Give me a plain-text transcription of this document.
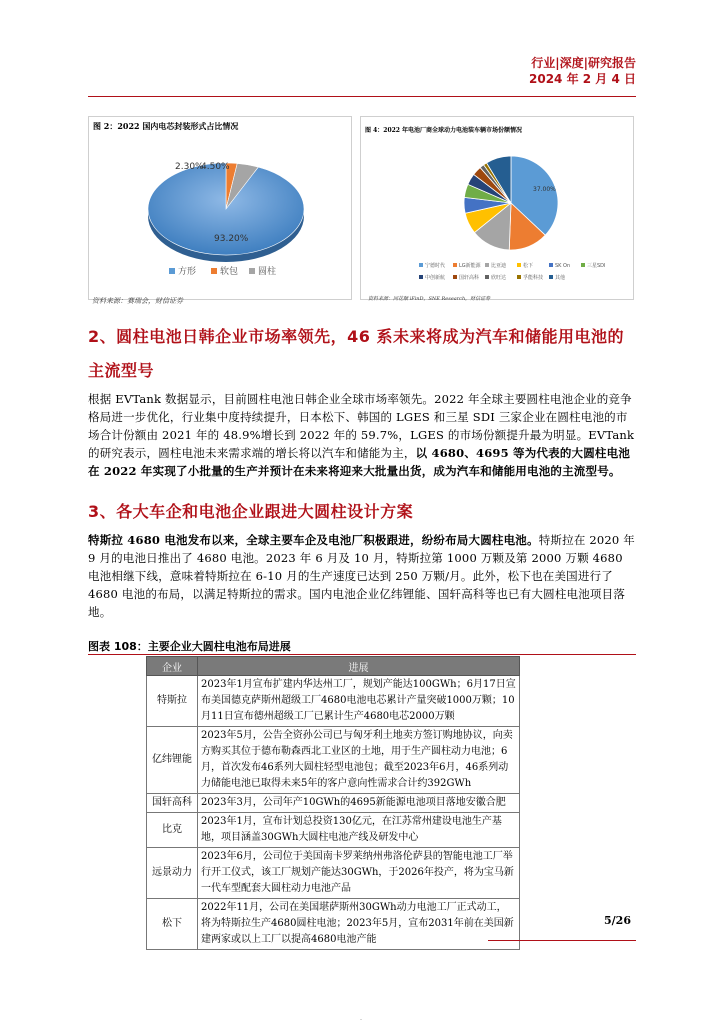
行业|深度|研究报告
2024 年 2 月 4 日
图 2：2022 国内电芯封装形式占比情况
93.20%
2.30%
4.50%
方形	软包 圆柱
资料来源：赛瑞会，财信证券
图 4：2022 年电池厂商全球动力电池装车辆市场份额情况
37.00%
宁德时代	LG新能源 比亚迪	松下	SK On	三星SDI
中创新航	国轩高科 欣旺达	孚能科技 其他
资料来源：同花顺 iFinD，SNE Research，财信证券
2、圆柱电池日韩企业市场率领先，46 系未来将成为汽车和储能用电池的
主流型号

根据 EVTank 数据显示，目前圆柱电池日韩企业全球市场率领先。2022 年全球主要圆柱电池企业的竞争格局进一步优化，行业集中度持续提升，日本松下、韩国的 LGES 和三星 SDI 三家企业在圆柱电池的市场合计份额由 2021 年的 48.9%增长到 2022 年的 59.7%，LGES 的市场份额提升最为明显。EVTank 的研究表示，圆柱电池未来需求端的增长将以汽车和储能为主，以 4680、4695 等为代表的大圆柱电池在 2022 年实现了小批量的生产并预计在未来将迎来大批量出货，成为汽车和储能用电池的主流型号。

3、各大车企和电池企业跟进大圆柱设计方案

特斯拉 4680 电池发布以来，全球主要车企及电池厂积极跟进，纷纷布局大圆柱电池。特斯拉在 2020 年 9 月的电池日推出了 4680 电池。2023 年 6 月及 10 月，特斯拉第 1000 万颗及第 2000 万颗 4680 电池相继下线，意味着特斯拉在 6-10 月的生产速度已达到 250 万颗/月。此外，松下也在美国进行了 4680 电池的布局，以满足特斯拉的需求。国内电池企业亿纬锂能、国轩高科等也已有大圆柱电池项目落地。

图表 108：主要企业大圆柱电池布局进展
企业	进展
特斯拉	2023年1月宣布扩建内华达州工厂，规划产能达100GWh；6月17日宣布美国德克萨斯州超级工厂4680电池电芯累计产量突破1000万颗；10月11日宣布德州超级工厂已累计生产4680电芯2000万颗
亿纬锂能	2023年5月，公告全资孙公司已与匈牙利土地卖方签订购地协议，向卖方购买其位于德布勒森西北工业区的土地，用于生产圆柱动力电池；6月，首次发布46系列大圆柱轻型电池包；截至2023年6月，46系列动力储能电池已取得未来5年的客户意向性需求合计约392GWh
国轩高科	2023年3月，公司年产10GWh的4695新能源电池项目落地安徽合肥
比克	2023年1月，宣布计划总投资130亿元，在江苏常州建设电池生产基地，项目涵盖30GWh大圆柱电池产线及研发中心
远景动力	2023年6月，公司位于美国南卡罗莱纳州弗洛伦萨县的智能电池工厂举行开工仪式，该工厂规划产能达30GWh，于2026年投产，将为宝马新一代车型配套大圆柱动力电池产品
松下	2022年11月，公司在美国堪萨斯州30GWh动力电池工厂正式动工，将为特斯拉生产4680圆柱电池；2023年5月，宣布2031年前在美国新建两家或以上工厂以提高4680电池产能
5/26
-
